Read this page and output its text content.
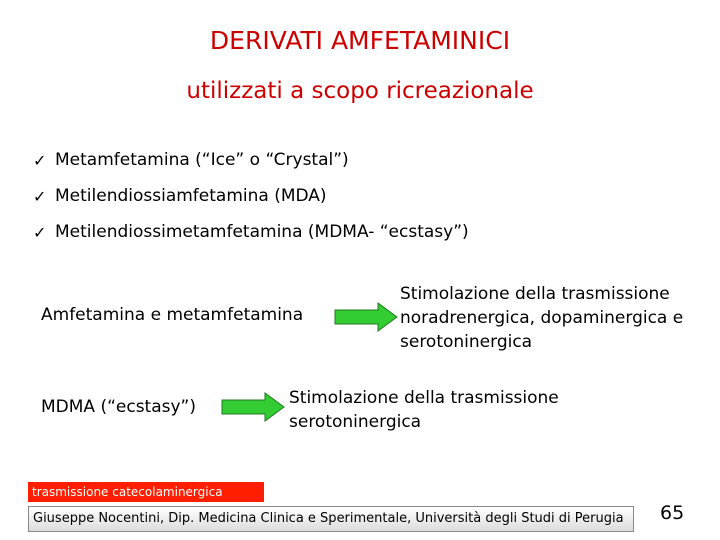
DERIVATI AMFETAMINICI
utilizzati a scopo ricreazionale
✓ Metamfetamina (“Ice” o “Crystal”)
✓ Metilendiossiamfetamina (MDA)
✓ Metilendiossimetamfetamina (MDMA- “ecstasy”)
Amfetamina e metamfetamina
Stimolazione della trasmissione
noradrenergica, dopaminergica e
serotoninergica
MDMA (“ecstasy”)	Stimolazione della trasmissione
serotoninergica
trasmissione catecolaminergica
Giuseppe Nocentini, Dip. Medicina Clinica e Sperimentale, Università degli Studi di Perugia	65
